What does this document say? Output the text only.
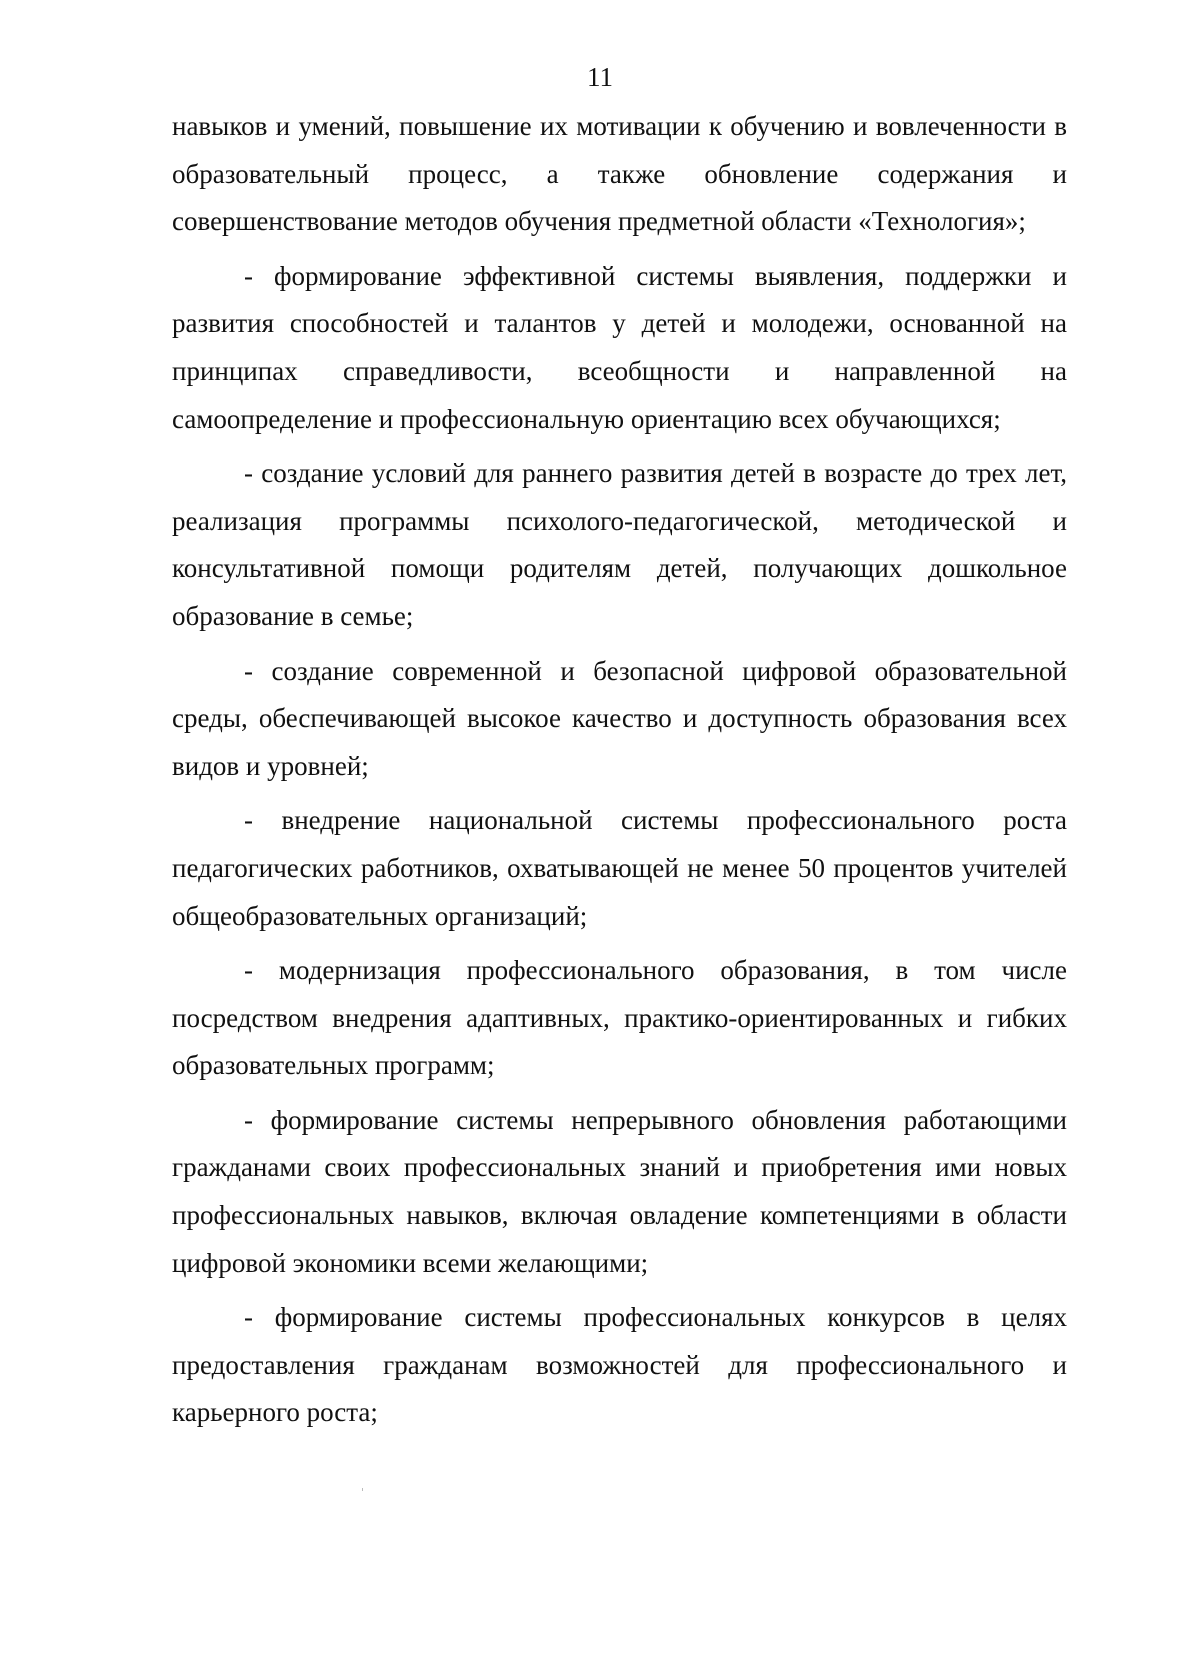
11

навыков и умений, повышение их мотивации к обучению и вовлеченности в образовательный процесс, а также обновление содержания и совершенствование методов обучения предметной области «Технология»;

- формирование эффективной системы выявления, поддержки и развития способностей и талантов у детей и молодежи, основанной на принципах справедливости, всеобщности и направленной на самоопределение и профессиональную ориентацию всех обучающихся;

- создание условий для раннего развития детей в возрасте до трех лет, реализация программы психолого-педагогической, методической и консультативной помощи родителям детей, получающих дошкольное образование в семье;

- создание современной и безопасной цифровой образовательной среды, обеспечивающей высокое качество и доступность образования всех видов и уровней;

- внедрение национальной системы профессионального роста педагогических работников, охватывающей не менее 50 процентов учителей общеобразовательных организаций;

- модернизация профессионального образования, в том числе посредством внедрения адаптивных, практико-ориентированных и гибких образовательных программ;

- формирование системы непрерывного обновления работающими гражданами своих профессиональных знаний и приобретения ими новых профессиональных навыков, включая овладение компетенциями в области цифровой экономики всеми желающими;

- формирование системы профессиональных конкурсов в целях предоставления гражданам возможностей для профессионального и карьерного роста;
